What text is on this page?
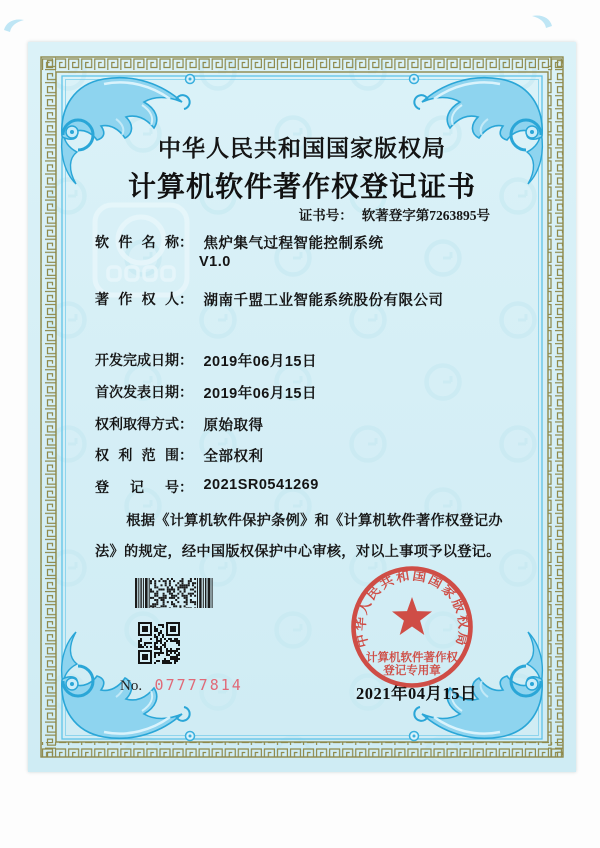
中华人民共和国国家版权局
计算机软件著作权登记证书
证书号： 软著登字第7263895号
软件名称： 焦炉集气过程智能控制系统
V1.0
著作权人： 湖南千盟工业智能系统股份有限公司
开发完成日期： 2019年06月15日
首次发表日期： 2019年06月15日
权利取得方式： 原始取得
权利范围： 全部权利
登记号： 2021SR0541269
根据《计算机软件保护条例》和《计算机软件著作权登记办法》的规定，经中国版权保护中心审核，对以上事项予以登记。
No. 07777814	2021年04月15日
中华人民共和国国家版权局
计算机软件著作权
登记专用章
